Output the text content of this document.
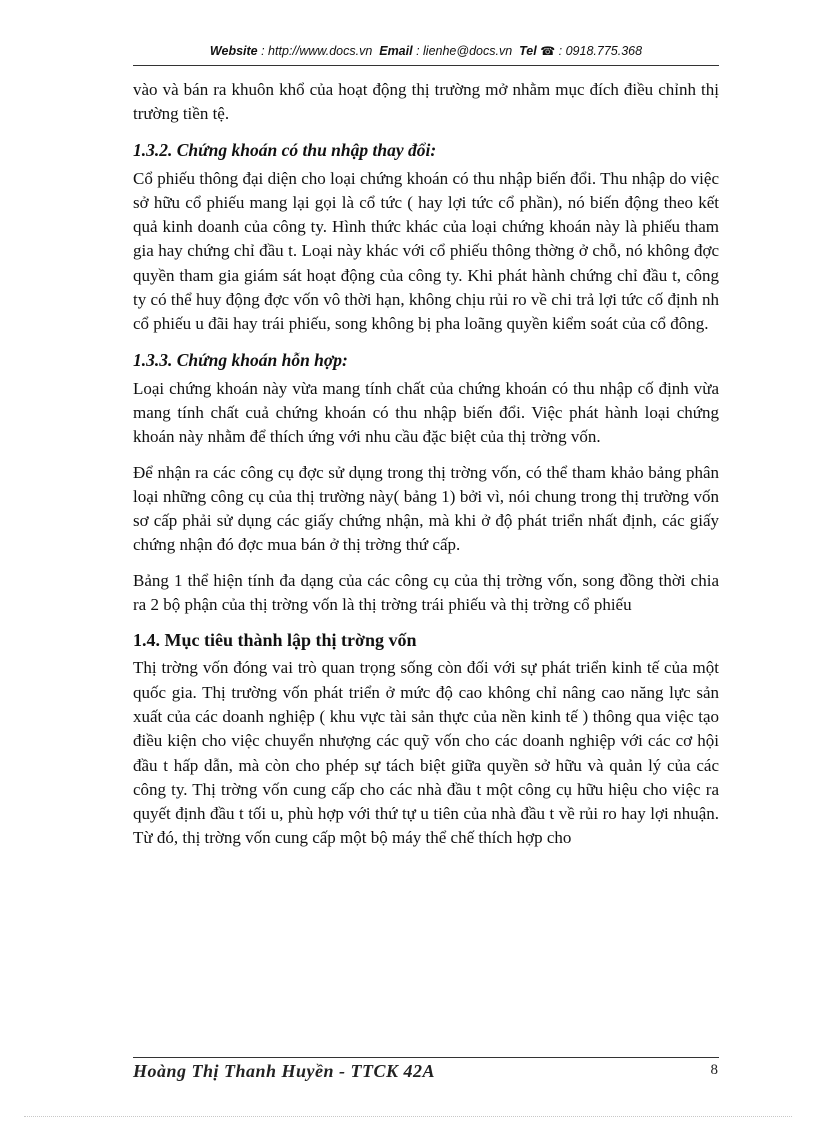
Website : http://www.docs.vn Email : lienhe@docs.vn Tel ☎ : 0918.775.368

vào và bán ra khuôn khổ của hoạt động thị trường mở nhằm mục đích điều chỉnh thị trường tiền tệ.

1.3.2. Chứng khoán có thu nhập thay đổi:

Cổ phiếu thông đại diện cho loại chứng khoán có thu nhập biến đổi. Thu nhập do việc sở hữu cổ phiếu mang lại gọi là cổ tức ( hay lợi tức cổ phần), nó biến động theo kết quả kinh doanh của công ty. Hình thức khác của loại chứng khoán này là phiếu tham gia hay chứng chỉ đầu t. Loại này khác với cổ phiếu thông thờng ở chỗ, nó không đợc quyền tham gia giám sát hoạt động của công ty. Khi phát hành chứng chỉ đầu t, công ty có thể huy động đợc vốn vô thời hạn, không chịu rủi ro về chi trả lợi tức cố định nh cổ phiếu u đãi hay trái phiếu, song không bị pha loãng quyền kiểm soát của cổ đông.

1.3.3. Chứng khoán hỗn hợp:

Loại chứng khoán này vừa mang tính chất của chứng khoán có thu nhập cố định vừa mang tính chất cuả chứng khoán có thu nhập biến đổi. Việc phát hành loại chứng khoán này nhằm để thích ứng với nhu cầu đặc biệt của thị trờng vốn.

Để nhận ra các công cụ đợc sử dụng trong thị trờng vốn, có thể tham khảo bảng phân loại những công cụ của thị trường này( bảng 1) bởi vì, nói chung trong thị trường vốn sơ cấp phải sử dụng các giấy chứng nhận, mà khi ở độ phát triển nhất định, các giấy chứng nhận đó đợc mua bán ở thị trờng thứ cấp.

Bảng 1 thể hiện tính đa dạng của các công cụ của thị trờng vốn, song đồng thời chia ra 2 bộ phận của thị trờng vốn là thị trờng trái phiếu và thị trờng cổ phiếu

1.4. Mục tiêu thành lập thị trờng vốn

Thị trờng vốn đóng vai trò quan trọng sống còn đối với sự phát triển kinh tế của một quốc gia. Thị trường vốn phát triển ở mức độ cao không chỉ nâng cao năng lực sản xuất của các doanh nghiệp ( khu vực tài sản thực của nền kinh tế ) thông qua việc tạo điều kiện cho việc chuyển nhượng các quỹ vốn cho các doanh nghiệp với các cơ hội đầu t hấp dẫn, mà còn cho phép sự tách biệt giữa quyền sở hữu và quản lý của các công ty. Thị trờng vốn cung cấp cho các nhà đầu t một công cụ hữu hiệu cho việc ra quyết định đầu t tối u, phù hợp với thứ tự u tiên của nhà đầu t về rủi ro hay lợi nhuận. Từ đó, thị trờng vốn cung cấp một bộ máy thể chế thích hợp cho

Hoàng Thị Thanh Huyền - TTCK 42A	8
